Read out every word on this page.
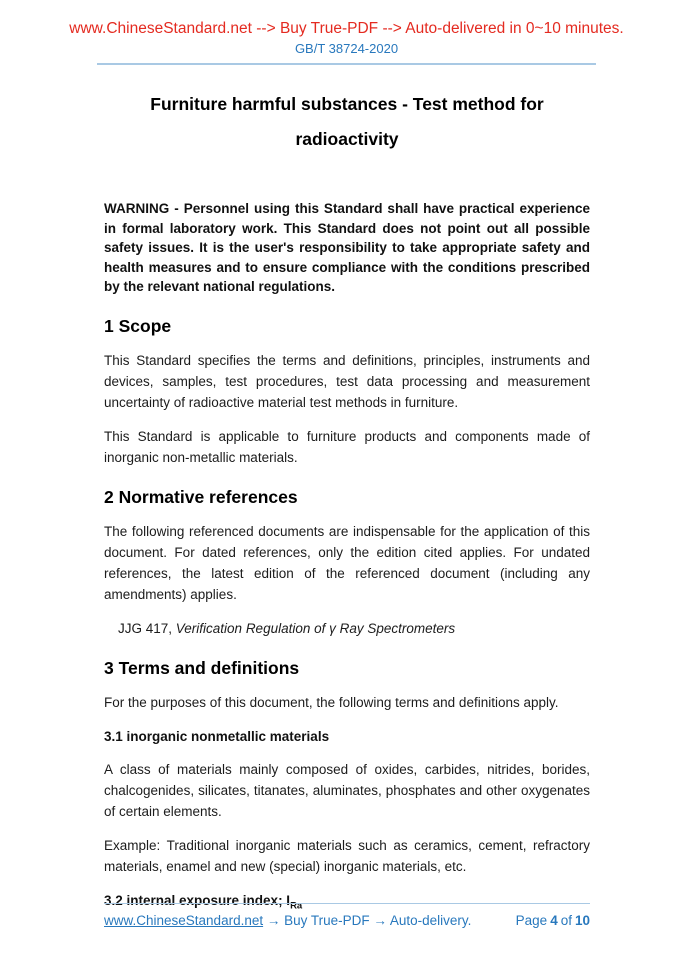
www.ChineseStandard.net --> Buy True-PDF --> Auto-delivered in 0~10 minutes.
GB/T 38724-2020
Furniture harmful substances - Test method for
radioactivity

WARNING - Personnel using this Standard shall have practical experience in formal laboratory work. This Standard does not point out all possible safety issues. It is the user's responsibility to take appropriate safety and health measures and to ensure compliance with the conditions prescribed by the relevant national regulations.

1 Scope

This Standard specifies the terms and definitions, principles, instruments and devices, samples, test procedures, test data processing and measurement uncertainty of radioactive material test methods in furniture.

This Standard is applicable to furniture products and components made of inorganic non-metallic materials.

2 Normative references

The following referenced documents are indispensable for the application of this document. For dated references, only the edition cited applies. For undated references, the latest edition of the referenced document (including any amendments) applies.

JJG 417, Verification Regulation of γ Ray Spectrometers

3 Terms and definitions

For the purposes of this document, the following terms and definitions apply.

3.1 inorganic nonmetallic materials

A class of materials mainly composed of oxides, carbides, nitrides, borides, chalcogenides, silicates, titanates, aluminates, phosphates and other oxygenates of certain elements.

Example: Traditional inorganic materials such as ceramics, cement, refractory materials, enamel and new (special) inorganic materials, etc.

3.2 internal exposure index; $I_{Ra}$
www.ChineseStandard.net → Buy True-PDF → Auto-delivery.	Page 4 of 10
